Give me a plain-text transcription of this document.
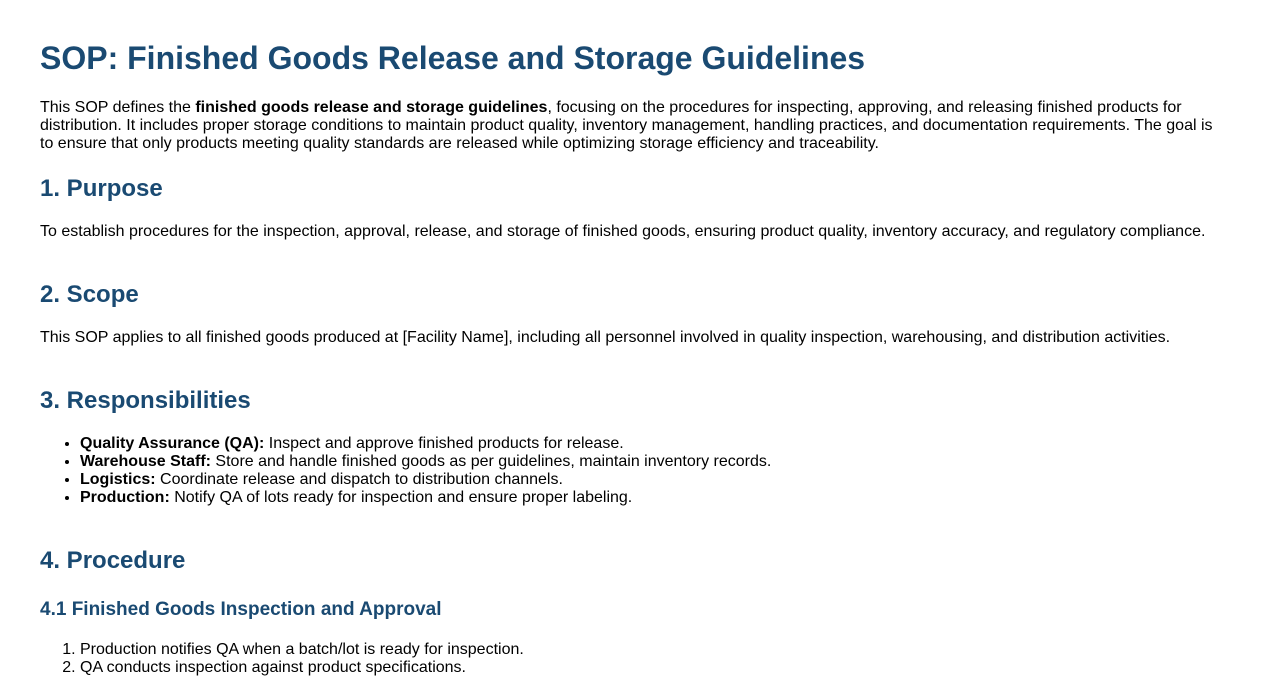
SOP: Finished Goods Release and Storage Guidelines

This SOP defines the finished goods release and storage guidelines, focusing on the procedures for inspecting, approving, and releasing finished products for distribution. It includes proper storage conditions to maintain product quality, inventory management, handling practices, and documentation requirements. The goal is to ensure that only products meeting quality standards are released while optimizing storage efficiency and traceability.

1. Purpose

To establish procedures for the inspection, approval, release, and storage of finished goods, ensuring product quality, inventory accuracy, and regulatory compliance.

2. Scope

This SOP applies to all finished goods produced at [Facility Name], including all personnel involved in quality inspection, warehousing, and distribution activities.

3. Responsibilities
• Quality Assurance (QA): Inspect and approve finished products for release.
• Warehouse Staff: Store and handle finished goods as per guidelines, maintain inventory records.
• Logistics: Coordinate release and dispatch to distribution channels.
• Production: Notify QA of lots ready for inspection and ensure proper labeling.
4. Procedure
4.1 Finished Goods Inspection and Approval
1. Production notifies QA when a batch/lot is ready for inspection.
2. QA conducts inspection against product specifications.
